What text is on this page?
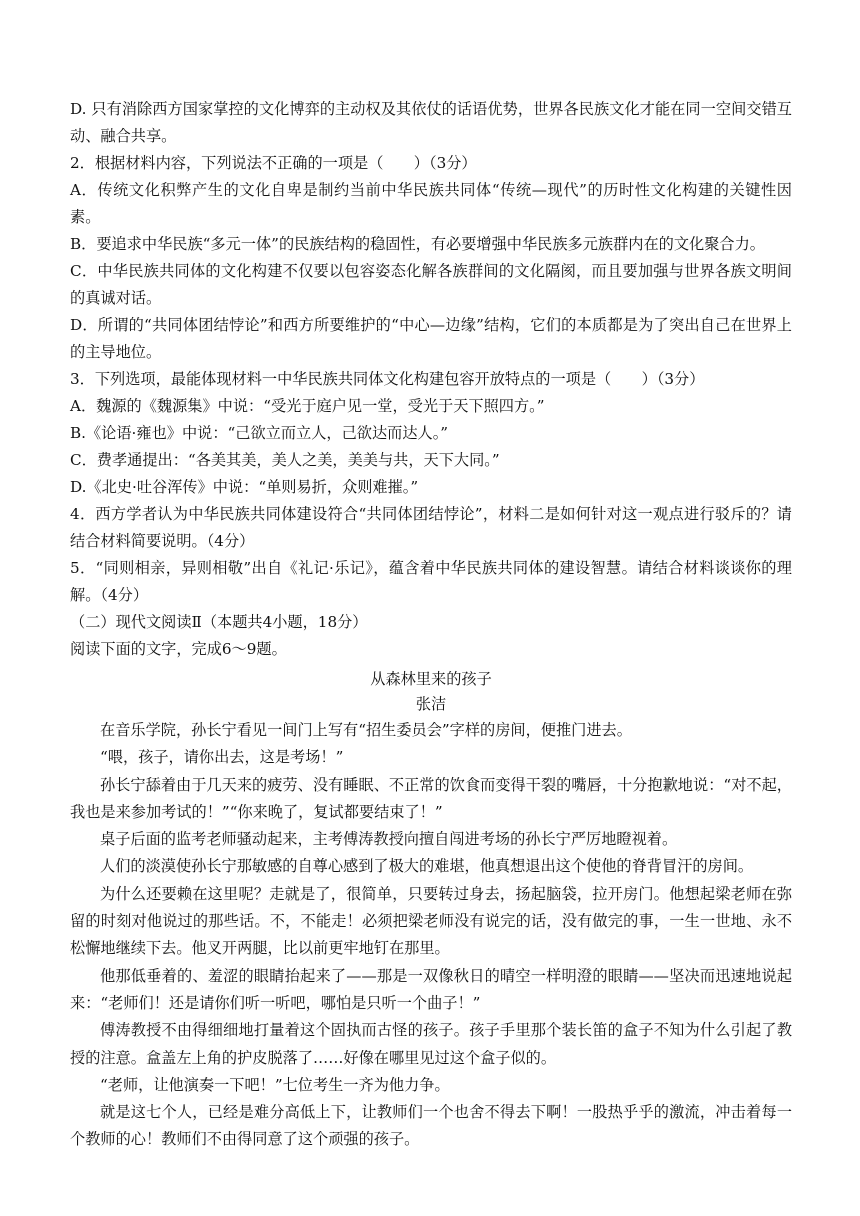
D. 只有消除西方国家掌控的文化博弈的主动权及其依仗的话语优势，世界各民族文化才能在同一空间交错互动、融合共享。
2．根据材料内容，下列说法不正确的一项是（　　）（3分）
A．传统文化积弊产生的文化自卑是制约当前中华民族共同体“传统—现代”的历时性文化构建的关键性因素。
B．要追求中华民族“多元一体”的民族结构的稳固性，有必要增强中华民族多元族群内在的文化聚合力。
C．中华民族共同体的文化构建不仅要以包容姿态化解各族群间的文化隔阂，而且要加强与世界各族文明间的真诚对话。
D．所谓的“共同体团结悖论”和西方所要维护的“中心—边缘”结构，它们的本质都是为了突出自己在世界上的主导地位。
3．下列选项，最能体现材料一中华民族共同体文化构建包容开放特点的一项是（　　）（3分）
A．魏源的《魏源集》中说：“受光于庭户见一堂，受光于天下照四方。”
B.《论语·雍也》中说：“己欲立而立人，己欲达而达人。”
C．费孝通提出：“各美其美，美人之美，美美与共，天下大同。”
D.《北史·吐谷浑传》中说：“单则易折，众则难摧。”
4．西方学者认为中华民族共同体建设符合“共同体团结悖论”，材料二是如何针对这一观点进行驳斥的？请结合材料简要说明。（4分）
5．“同则相亲，异则相敬”出自《礼记·乐记》，蕴含着中华民族共同体的建设智慧。请结合材料谈谈你的理解。（4分）
（二）现代文阅读Ⅱ（本题共4小题，18分）
阅读下面的文字，完成6～9题。
从森林里来的孩子
张洁
在音乐学院，孙长宁看见一间门上写有“招生委员会”字样的房间，便推门进去。
“喂，孩子，请你出去，这是考场！”
孙长宁舔着由于几天来的疲劳、没有睡眠、不正常的饮食而变得干裂的嘴唇，十分抱歉地说：“对不起，我也是来参加考试的！”“你来晚了，复试都要结束了！”
桌子后面的监考老师骚动起来，主考傅涛教授向擅自闯进考场的孙长宁严厉地瞪视着。
人们的淡漠使孙长宁那敏感的自尊心感到了极大的难堪，他真想退出这个使他的脊背冒汗的房间。
为什么还要赖在这里呢？走就是了，很简单，只要转过身去，扬起脑袋，拉开房门。他想起梁老师在弥留的时刻对他说过的那些话。不，不能走！必须把梁老师没有说完的话，没有做完的事，一生一世地、永不松懈地继续下去。他叉开两腿，比以前更牢地钉在那里。
他那低垂着的、羞涩的眼睛抬起来了——那是一双像秋日的晴空一样明澄的眼睛——坚决而迅速地说起来：“老师们！还是请你们听一听吧，哪怕是只听一个曲子！”
傅涛教授不由得细细地打量着这个固执而古怪的孩子。孩子手里那个装长笛的盒子不知为什么引起了教授的注意。盒盖左上角的护皮脱落了……好像在哪里见过这个盒子似的。
“老师，让他演奏一下吧！”七位考生一齐为他力争。
就是这七个人，已经是难分高低上下，让教师们一个也舍不得去下啊！一股热乎乎的激流，冲击着每一个教师的心！教师们不由得同意了这个顽强的孩子。
